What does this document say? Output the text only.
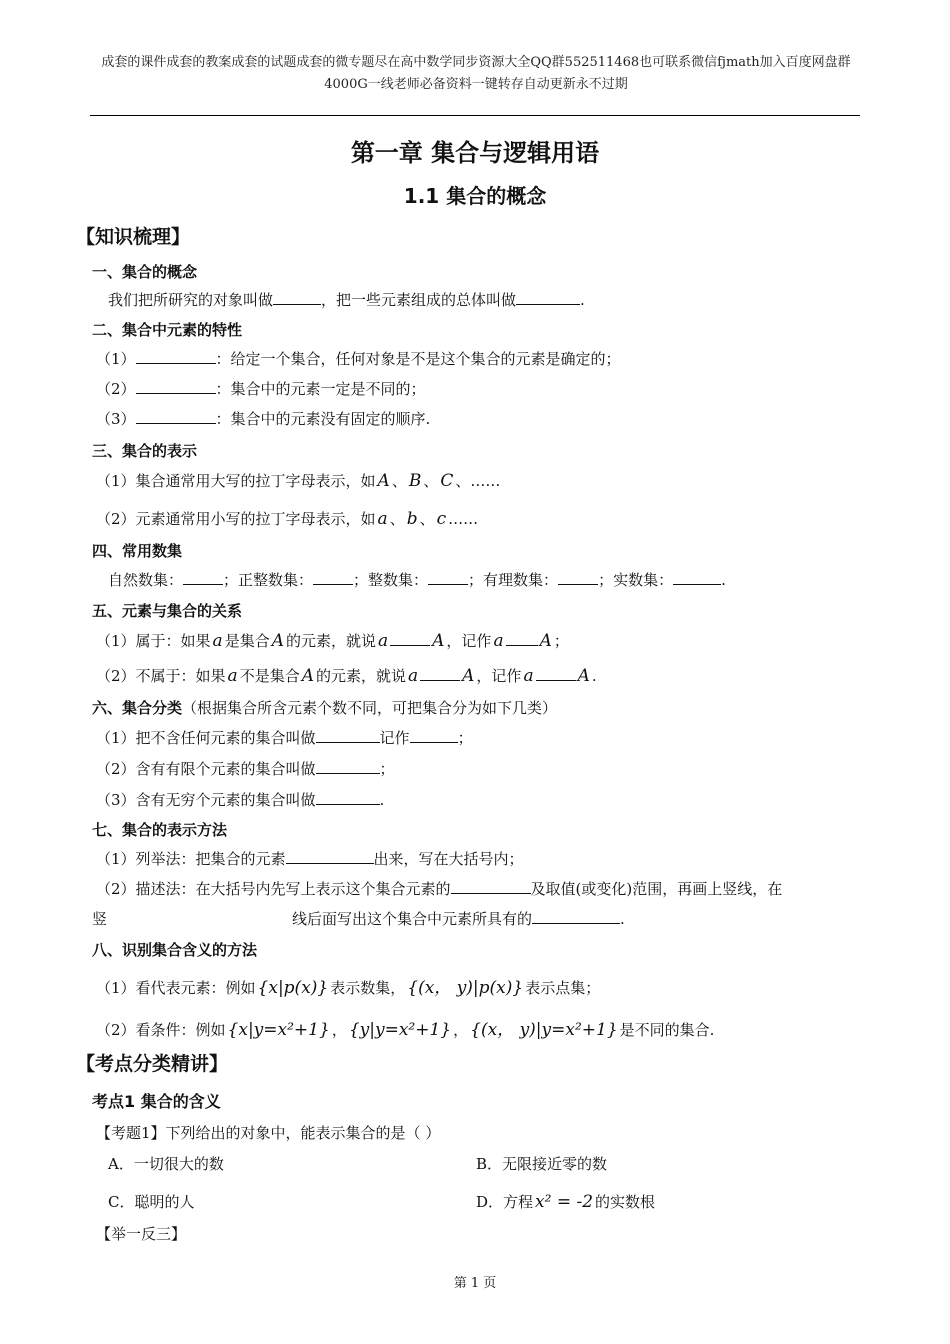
成套的课件成套的教案成套的试题成套的微专题尽在高中数学同步资源大全QQ群552511468也可联系微信fjmath加入百度网盘群4000G一线老师必备资料一键转存自动更新永不过期
第一章 集合与逻辑用语
1.1 集合的概念
【知识梳理】
一、集合的概念
我们把所研究的对象叫做	，把一些元素组成的总体叫做	.
二、集合中元素的特性
（1）	：给定一个集合，任何对象是不是这个集合的元素是确定的；
（2）	：集合中的元素一定是不同的；
（3）	：集合中的元素没有固定的顺序.
三、集合的表示
（1）集合通常用大写的拉丁字母表示，如 A 、 B 、 C 、……
（2）元素通常用小写的拉丁字母表示，如 a 、 b 、 c ……
四、常用数集
自然数集：	；正整数集：	；整数集：	；有理数集：	；实数集：	.
五、元素与集合的关系
（1）属于：如果 a 是集合 A 的元素，就说 a	A ，记作 a A ；
（2）不属于：如果 a 不是集合 A 的元素，就说 a	A ，记作 a	A .
六、集合分类（根据集合所含元素个数不同，可把集合分为如下几类）
（1）把不含任何元素的集合叫做	记作	；
（2）含有有限个元素的集合叫做	；
（3）含有无穷个元素的集合叫做	.
七、集合的表示方法
（1）列举法：把集合的元素	出来，写在大括号内；
（2）描述法：在大括号内先写上表示这个集合元素的	及取值(或变化)范围，再画上竖线，在
竖	线后面写出这个集合中元素所具有的	.
八、识别集合含义的方法
（1）看代表元素：例如 {x|p(x)} 表示数集， {(x， y)|p(x)} 表示点集；
（2）看条件：例如 {x|y=x²+1} ， {y|y=x²+1} ， {(x， y)|y=x²+1} 是不同的集合.
【考点分类精讲】
考点1 集合的含义
【考题1】下列给出的对象中，能表示集合的是（ ）
A．一切很大的数	B．无限接近零的数
C．聪明的人	D．方程 x² = -2 的实数根
【举一反三】
第 1 页
